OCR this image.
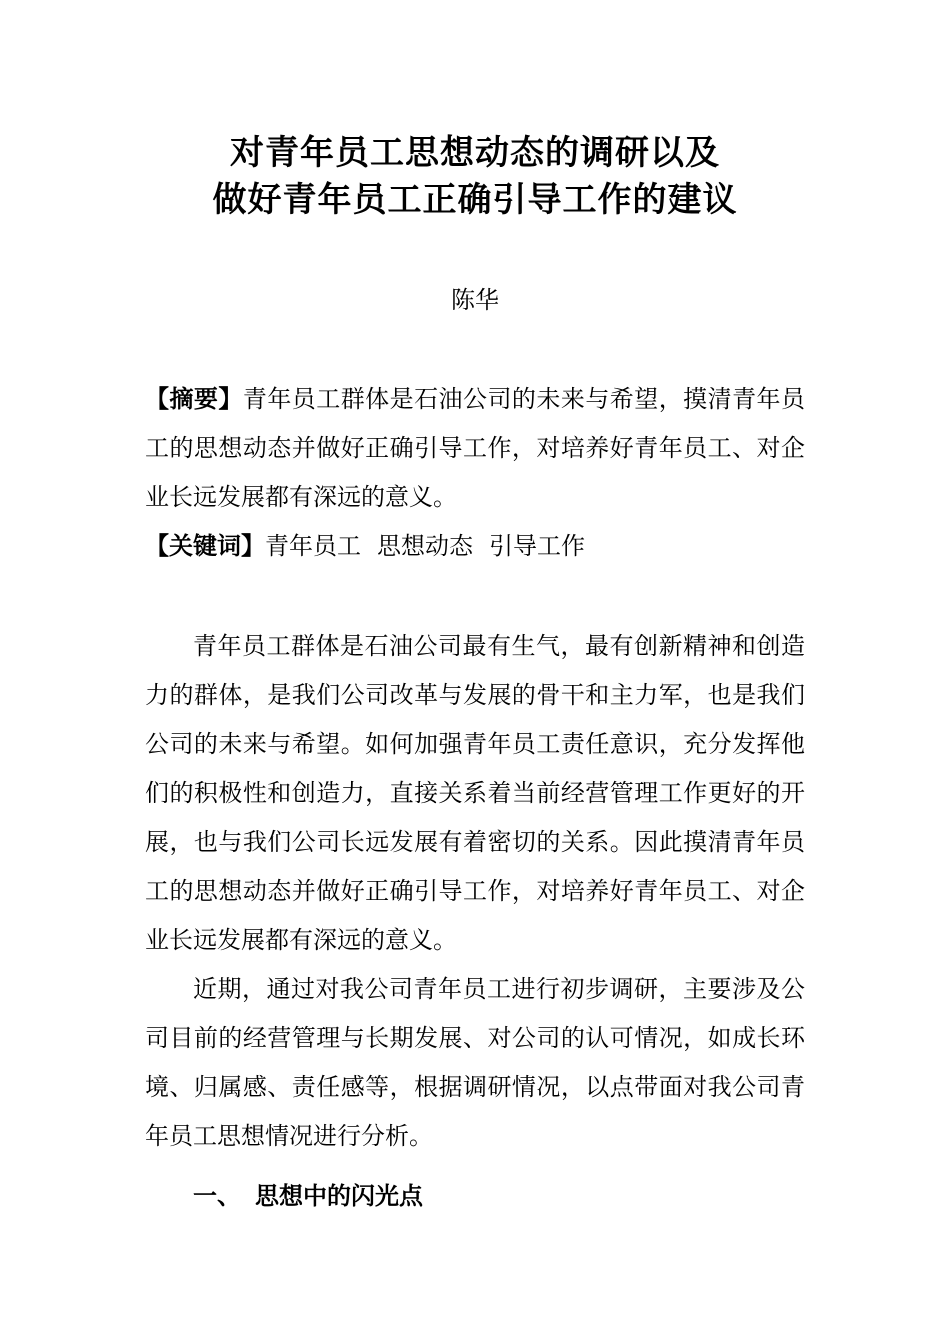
对青年员工思想动态的调研以及
做好青年员工正确引导工作的建议
陈华
【摘要】青年员工群体是石油公司的未来与希望，摸清青年员工的思想动态并做好正确引导工作，对培养好青年员工、对企业长远发展都有深远的意义。
【关键词】青年员工 思想动态 引导工作
青年员工群体是石油公司最有生气，最有创新精神和创造力的群体，是我们公司改革与发展的骨干和主力军，也是我们公司的未来与希望。如何加强青年员工责任意识，充分发挥他们的积极性和创造力，直接关系着当前经营管理工作更好的开展，也与我们公司长远发展有着密切的关系。因此摸清青年员工的思想动态并做好正确引导工作，对培养好青年员工、对企业长远发展都有深远的意义。
近期，通过对我公司青年员工进行初步调研，主要涉及公司目前的经营管理与长期发展、对公司的认可情况，如成长环境、归属感、责任感等，根据调研情况，以点带面对我公司青年员工思想情况进行分析。
一、 思想中的闪光点
